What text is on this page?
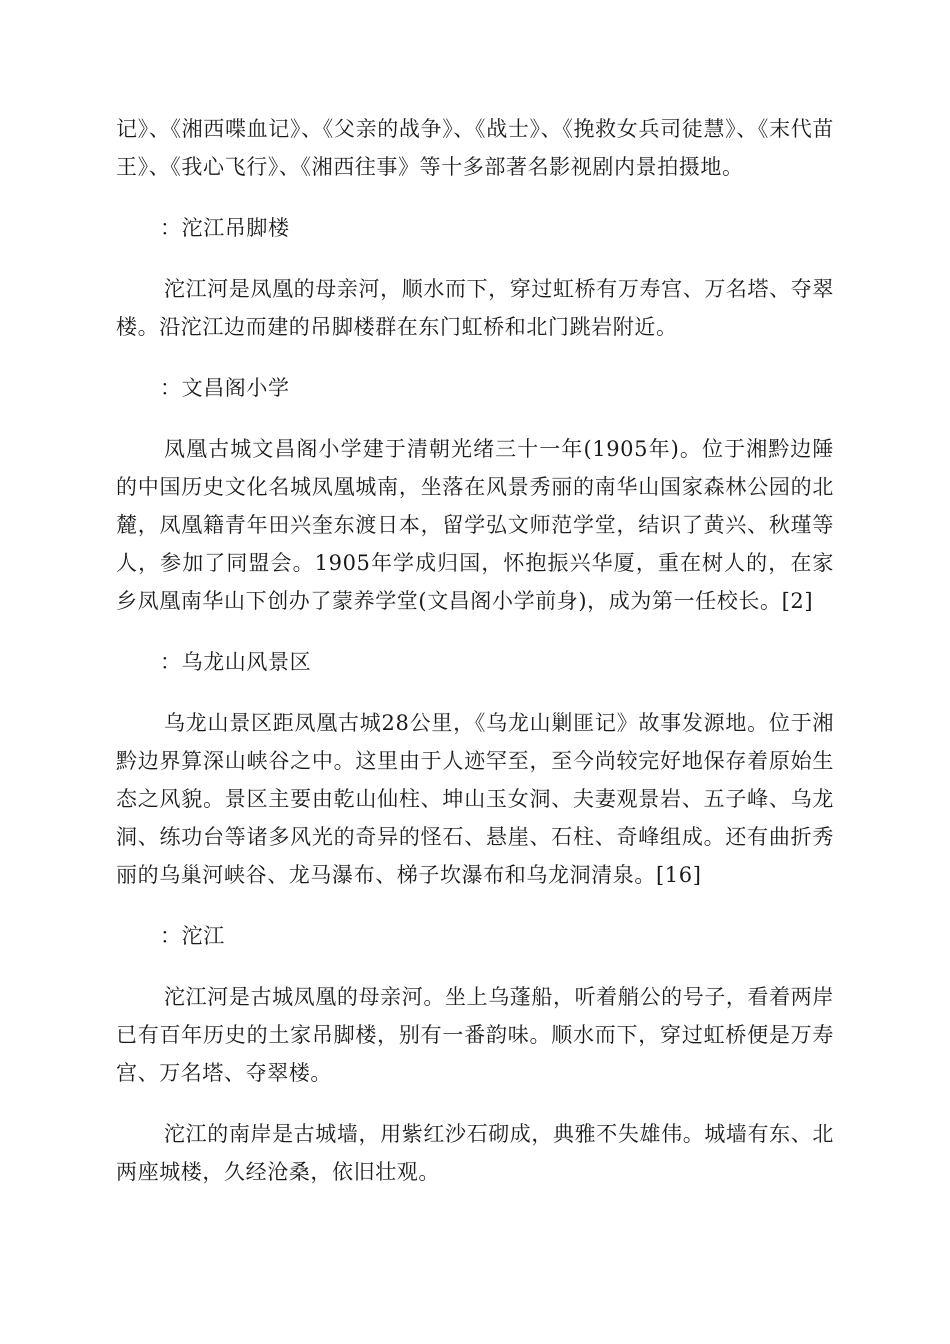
记》、《湘西喋血记》、《父亲的战争》、《战士》、《挽救女兵司徒慧》、《末代苗王》、《我心飞行》、《湘西往事》等十多部著名影视剧内景拍摄地。

：沱江吊脚楼

沱江河是凤凰的母亲河，顺水而下，穿过虹桥有万寿宫、万名塔、夺翠楼。沿沱江边而建的吊脚楼群在东门虹桥和北门跳岩附近。

：文昌阁小学

凤凰古城文昌阁小学建于清朝光绪三十一年(1905年)。位于湘黔边陲的中国历史文化名城凤凰城南，坐落在风景秀丽的南华山国家森林公园的北麓，凤凰籍青年田兴奎东渡日本，留学弘文师范学堂，结识了黄兴、秋瑾等人，参加了同盟会。1905年学成归国，怀抱振兴华厦，重在树人的，在家乡凤凰南华山下创办了蒙养学堂(文昌阁小学前身)，成为第一任校长。[2]

：乌龙山风景区

乌龙山景区距凤凰古城28公里，《乌龙山剿匪记》故事发源地。位于湘黔边界算深山峡谷之中。这里由于人迹罕至，至今尚较完好地保存着原始生态之风貌。景区主要由乾山仙柱、坤山玉女洞、夫妻观景岩、五子峰、乌龙洞、练功台等诸多风光的奇异的怪石、悬崖、石柱、奇峰组成。还有曲折秀丽的乌巢河峡谷、龙马瀑布、梯子坎瀑布和乌龙洞清泉。[16]

：沱江

沱江河是古城凤凰的母亲河。坐上乌蓬船，听着艄公的号子，看着两岸已有百年历史的土家吊脚楼，别有一番韵味。顺水而下，穿过虹桥便是万寿宫、万名塔、夺翠楼。

沱江的南岸是古城墙，用紫红沙石砌成，典雅不失雄伟。城墙有东、北两座城楼，久经沧桑，依旧壮观。
